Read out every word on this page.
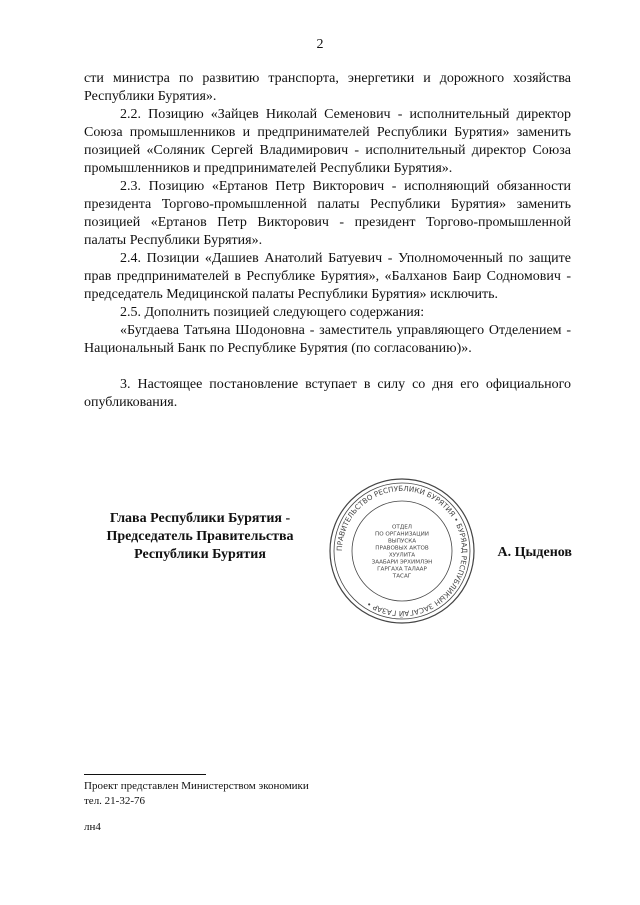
2

сти министра по развитию транспорта, энергетики и дорожного хозяйства Республики Бурятия».

2.2. Позицию «Зайцев Николай Семенович - исполнительный директор Союза промышленников и предпринимателей Республики Бурятия» заменить позицией «Соляник Сергей Владимирович - исполнительный директор Союза промышленников и предпринимателей Республики Бурятия».

2.3. Позицию «Ертанов Петр Викторович - исполняющий обязанности президента Торгово-промышленной палаты Республики Бурятия» заменить позицией «Ертанов Петр Викторович - президент Торгово-промышленной палаты Республики Бурятия».

2.4. Позиции «Дашиев Анатолий Батуевич - Уполномоченный по защите прав предпринимателей в Республике Бурятия», «Балханов Баир Содномович - председатель Медицинской палаты Республики Бурятия» исключить.

2.5. Дополнить позицией следующего содержания:

«Бугдаева Татьяна Шодоновна - заместитель управляющего Отделением - Национальный Банк по Республике Бурятия (по согласованию)».

3. Настоящее постановление вступает в силу со дня его официального опубликования.

Глава Республики Бурятия -
Председатель Правительства
Республики Бурятия	ПРАВИТЕЛЬСТВО РЕСПУБЛИКИ БУРЯТИЯ • БУРЯАД РЕСПУБЛИКЫН ЗАСАГАЙ ГАЗАР •
ОТДЕЛ
ПО ОРГАНИЗАЦИИ
ВЫПУСКА
ПРАВОВЫХ АКТОВ
ХУУЛИТА
ЗААБАРИ ЭРХИМЛЭН
ГАРГАХА ТАЛААР
ТАСАГ
А. Цыденов
Проект представлен Министерством экономики
тел. 21-32-76
лн4
